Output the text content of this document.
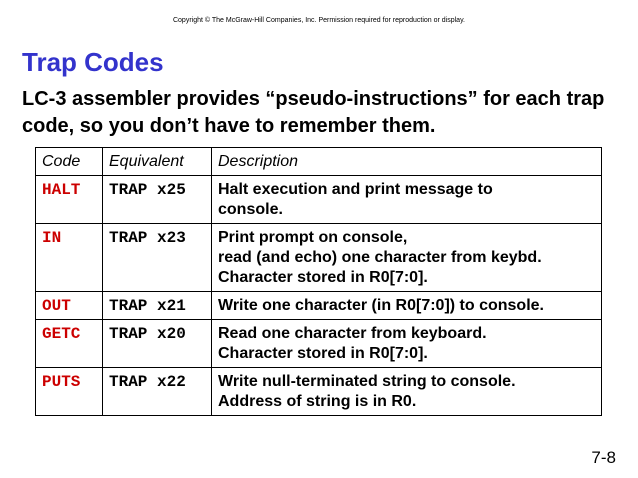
Copyright © The McGraw-Hill Companies, Inc. Permission required for reproduction or display.
Trap Codes
LC-3 assembler provides “pseudo-instructions” for each trap code, so you don’t have to remember them.
Code	Equivalent	Description
HALT	TRAP x25	Halt execution and print message to
console.

IN	TRAP x23	Print prompt on console,
read (and echo) one character from keybd.
Character stored in R0[7:0].

OUT	TRAP x21	Write one character (in R0[7:0]) to console.

GETC	TRAP x20	Read one character from keyboard.
Character stored in R0[7:0].

PUTS	TRAP x22	Write null-terminated string to console.
Address of string is in R0.
7-8
